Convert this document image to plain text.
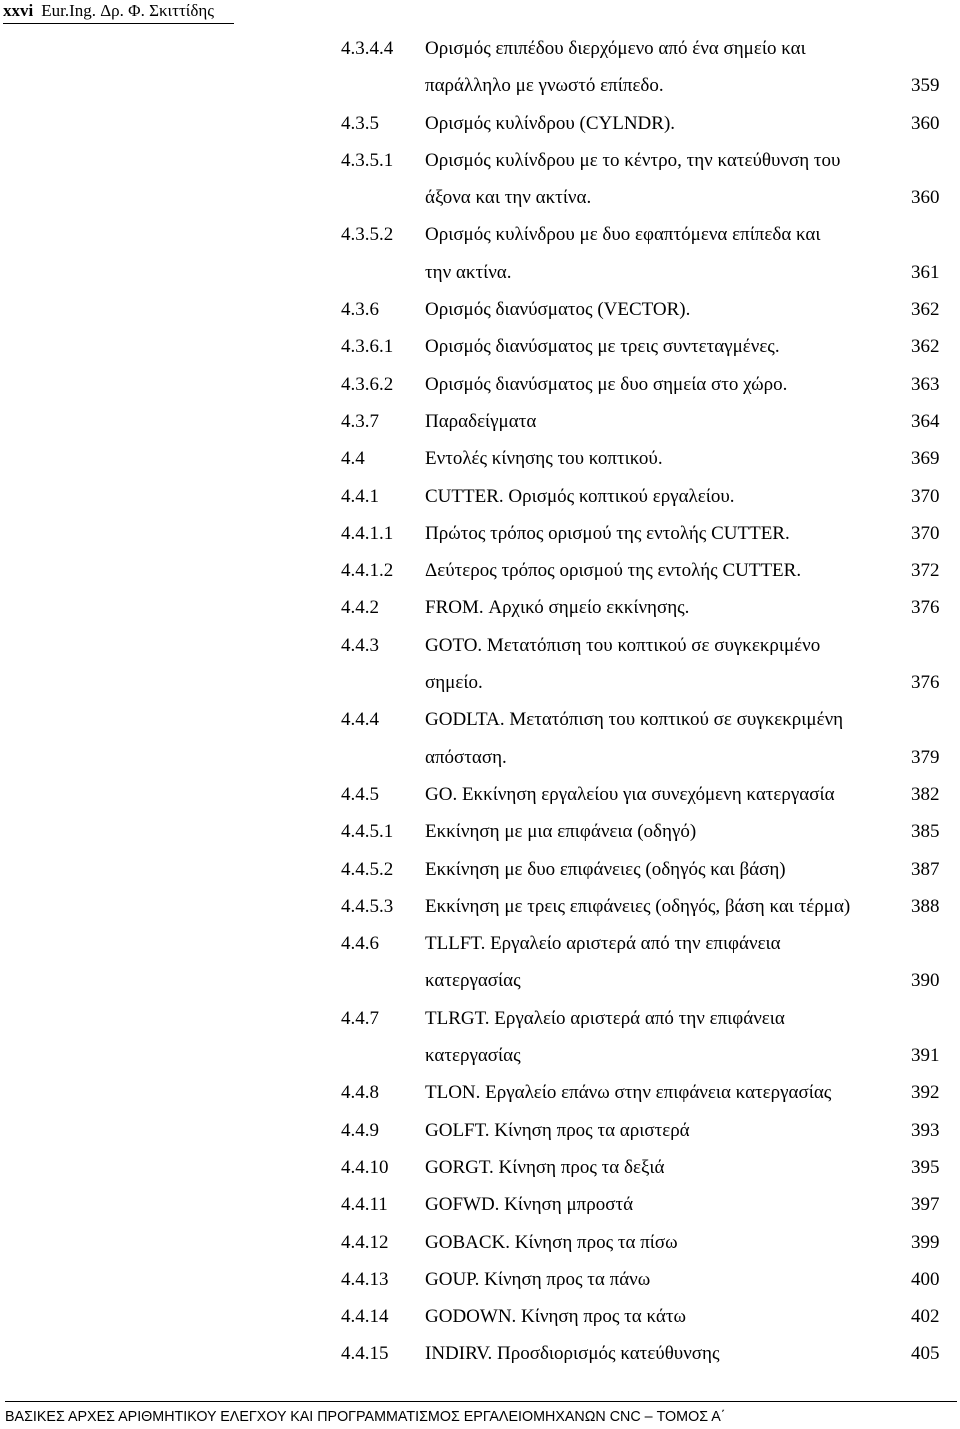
xxvi Eur.Ing. Δρ. Φ. Σκιττίδης
4.3.4.4 Ορισμός επιπέδου διερχόμενο από ένα σημείο και
παράλληλο με γνωστό επίπεδο.	359
4.3.5 Ορισμός κυλίνδρου (CYLNDR).	360
4.3.5.1 Ορισμός κυλίνδρου με το κέντρο, την κατεύθυνση του
άξονα και την ακτίνα.	360
4.3.5.2 Ορισμός κυλίνδρου με δυο εφαπτόμενα επίπεδα και
την ακτίνα.	361
4.3.6 Ορισμός διανύσματος (VECTOR).	362
4.3.6.1 Ορισμός διανύσματος με τρεις συντεταγμένες.	362
4.3.6.2 Ορισμός διανύσματος με δυο σημεία στο χώρο.	363
4.3.7 Παραδείγματα	364
4.4	Εντολές κίνησης του κοπτικού.	369
4.4.1 CUTTER. Ορισμός κοπτικού εργαλείου.	370
4.4.1.1 Πρώτος τρόπος ορισμού της εντολής CUTTER.	370
4.4.1.2 Δεύτερος τρόπος ορισμού της εντολής CUTTER.	372
4.4.2 FROM. Αρχικό σημείο εκκίνησης.	376
4.4.3 GOTO. Μετατόπιση του κοπτικού σε συγκεκριμένο
σημείο.	376
4.4.4 GODLTA. Μετατόπιση του κοπτικού σε συγκεκριμένη
απόσταση.	379
4.4.5 GO. Εκκίνηση εργαλείου για συνεχόμενη κατεργασία	382
4.4.5.1 Εκκίνηση με μια επιφάνεια (οδηγό)	385
4.4.5.2 Εκκίνηση με δυο επιφάνειες (οδηγός και βάση)	387
4.4.5.3 Εκκίνηση με τρεις επιφάνειες (οδηγός, βάση και τέρμα)	388
4.4.6 TLLFT. Εργαλείο αριστερά από την επιφάνεια
κατεργασίας	390
4.4.7 TLRGT. Εργαλείο αριστερά από την επιφάνεια
κατεργασίας	391
4.4.8 TLON. Εργαλείο επάνω στην επιφάνεια κατεργασίας	392
4.4.9 GOLFT. Κίνηση προς τα αριστερά	393
4.4.10 GORGT. Κίνηση προς τα δεξιά	395
4.4.11 GOFWD. Κίνηση μπροστά	397
4.4.12 GOBACK. Κίνηση προς τα πίσω	399
4.4.13 GOUP. Κίνηση προς τα πάνω	400
4.4.14 GODOWN. Κίνηση προς τα κάτω	402
4.4.15 INDIRV. Προσδιορισμός κατεύθυνσης	405
ΒΑΣΙΚΕΣ ΑΡΧΕΣ ΑΡΙΘΜΗΤΙΚΟΥ ΕΛΕΓΧΟΥ ΚΑΙ ΠΡΟΓΡΑΜΜΑΤΙΣΜΟΣ ΕΡΓΑΛΕΙΟΜΗΧΑΝΩΝ CNC – ΤΟΜΟΣ Α΄
